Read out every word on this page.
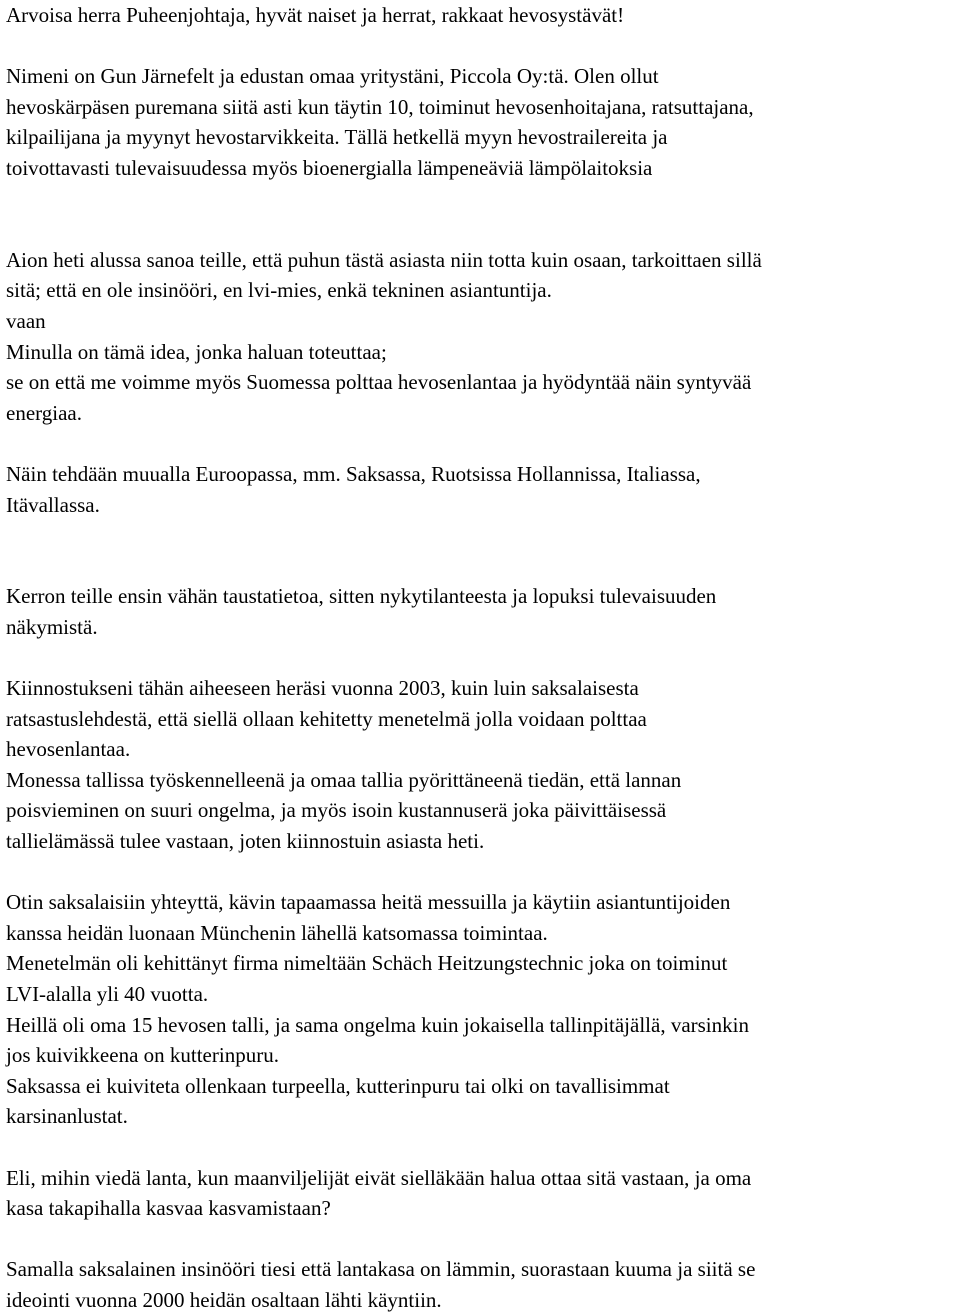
Arvoisa herra Puheenjohtaja, hyvät naiset ja herrat, rakkaat hevosystävät!
Nimeni on Gun Järnefelt ja edustan omaa yritystäni, Piccola Oy:tä. Olen ollut
hevoskärpäsen puremana siitä asti kun täytin 10, toiminut hevosenhoitajana, ratsuttajana,
kilpailijana ja myynyt hevostarvikkeita. Tällä hetkellä myyn hevostrailereita ja
toivottavasti tulevaisuudessa myös bioenergialla lämpeneäviä lämpölaitoksia
Aion heti alussa sanoa teille, että puhun tästä asiasta niin totta kuin osaan, tarkoittaen sillä
sitä; että en ole insinööri, en lvi-mies, enkä tekninen asiantuntija.
vaan
Minulla on tämä idea, jonka haluan toteuttaa;
se on että me voimme myös Suomessa polttaa hevosenlantaa ja hyödyntää näin syntyvää
energiaa.
Näin tehdään muualla Euroopassa, mm. Saksassa, Ruotsissa Hollannissa, Italiassa,
Itävallassa.
Kerron teille ensin vähän taustatietoa, sitten nykytilanteesta ja lopuksi tulevaisuuden
näkymistä.
Kiinnostukseni tähän aiheeseen heräsi vuonna 2003, kuin luin saksalaisesta
ratsastuslehdestä, että siellä ollaan kehitetty menetelmä jolla voidaan polttaa
hevosenlantaa.
Monessa tallissa työskennelleenä ja omaa tallia pyörittäneenä tiedän, että lannan
poisvieminen on suuri ongelma, ja myös isoin kustannuserä joka päivittäisessä
tallielämässä tulee vastaan, joten kiinnostuin asiasta heti.
Otin saksalaisiin yhteyttä, kävin tapaamassa heitä messuilla ja käytiin asiantuntijoiden
kanssa heidän luonaan Münchenin lähellä katsomassa toimintaa.
Menetelmän oli kehittänyt firma nimeltään Schäch Heitzungstechnic joka on toiminut
LVI-alalla yli 40 vuotta.
Heillä oli oma 15 hevosen talli, ja sama ongelma kuin jokaisella tallinpitäjällä, varsinkin
jos kuivikkeena on kutterinpuru.
Saksassa ei kuiviteta ollenkaan turpeella, kutterinpuru tai olki on tavallisimmat
karsinanlustat.
Eli, mihin viedä lanta, kun maanviljelijät eivät sielläkään halua ottaa sitä vastaan, ja oma
kasa takapihalla kasvaa kasvamistaan?
Samalla saksalainen insinööri tiesi että lantakasa on lämmin, suorastaan kuuma ja siitä se
ideointi vuonna 2000 heidän osaltaan lähti käyntiin.
